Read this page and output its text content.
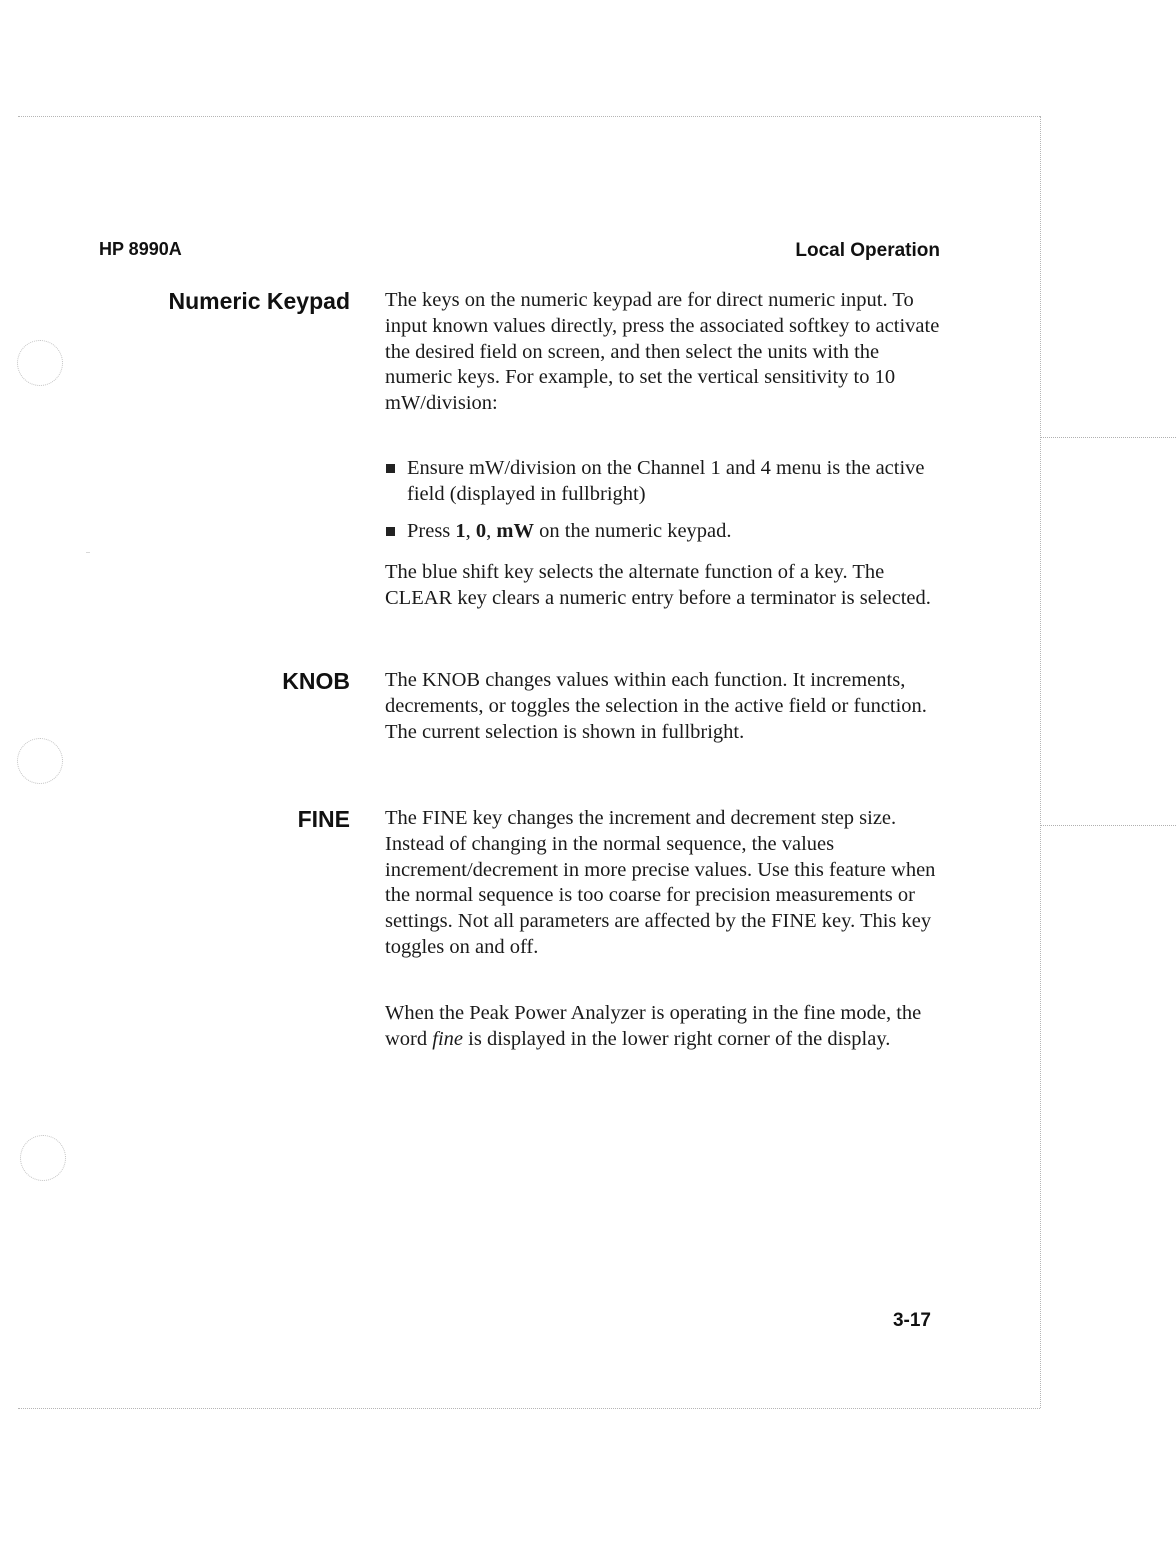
HP 8990A	Local Operation
Numeric Keypad The keys on the numeric keypad are for direct numeric input. To input known values directly, press the associated softkey to activate the desired field on screen, and then select the units with the numeric keys. For example, to set the vertical sensitivity to 10 mW/division:

Ensure mW/division on the Channel 1 and 4 menu is the active field (displayed in fullbright)
Press 1, 0, mW on the numeric keypad.

The blue shift key selects the alternate function of a key. The CLEAR key clears a numeric entry before a terminator is selected.

KNOB The KNOB changes values within each function. It increments, decrements, or toggles the selection in the active field or function. The current selection is shown in fullbright.

FINE The FINE key changes the increment and decrement step size. Instead of changing in the normal sequence, the values increment/decrement in more precise values. Use this feature when the normal sequence is too coarse for precision measurements or settings. Not all parameters are affected by the FINE key. This key toggles on and off.

When the Peak Power Analyzer is operating in the fine mode, the word fine is displayed in the lower right corner of the display.

3-17
